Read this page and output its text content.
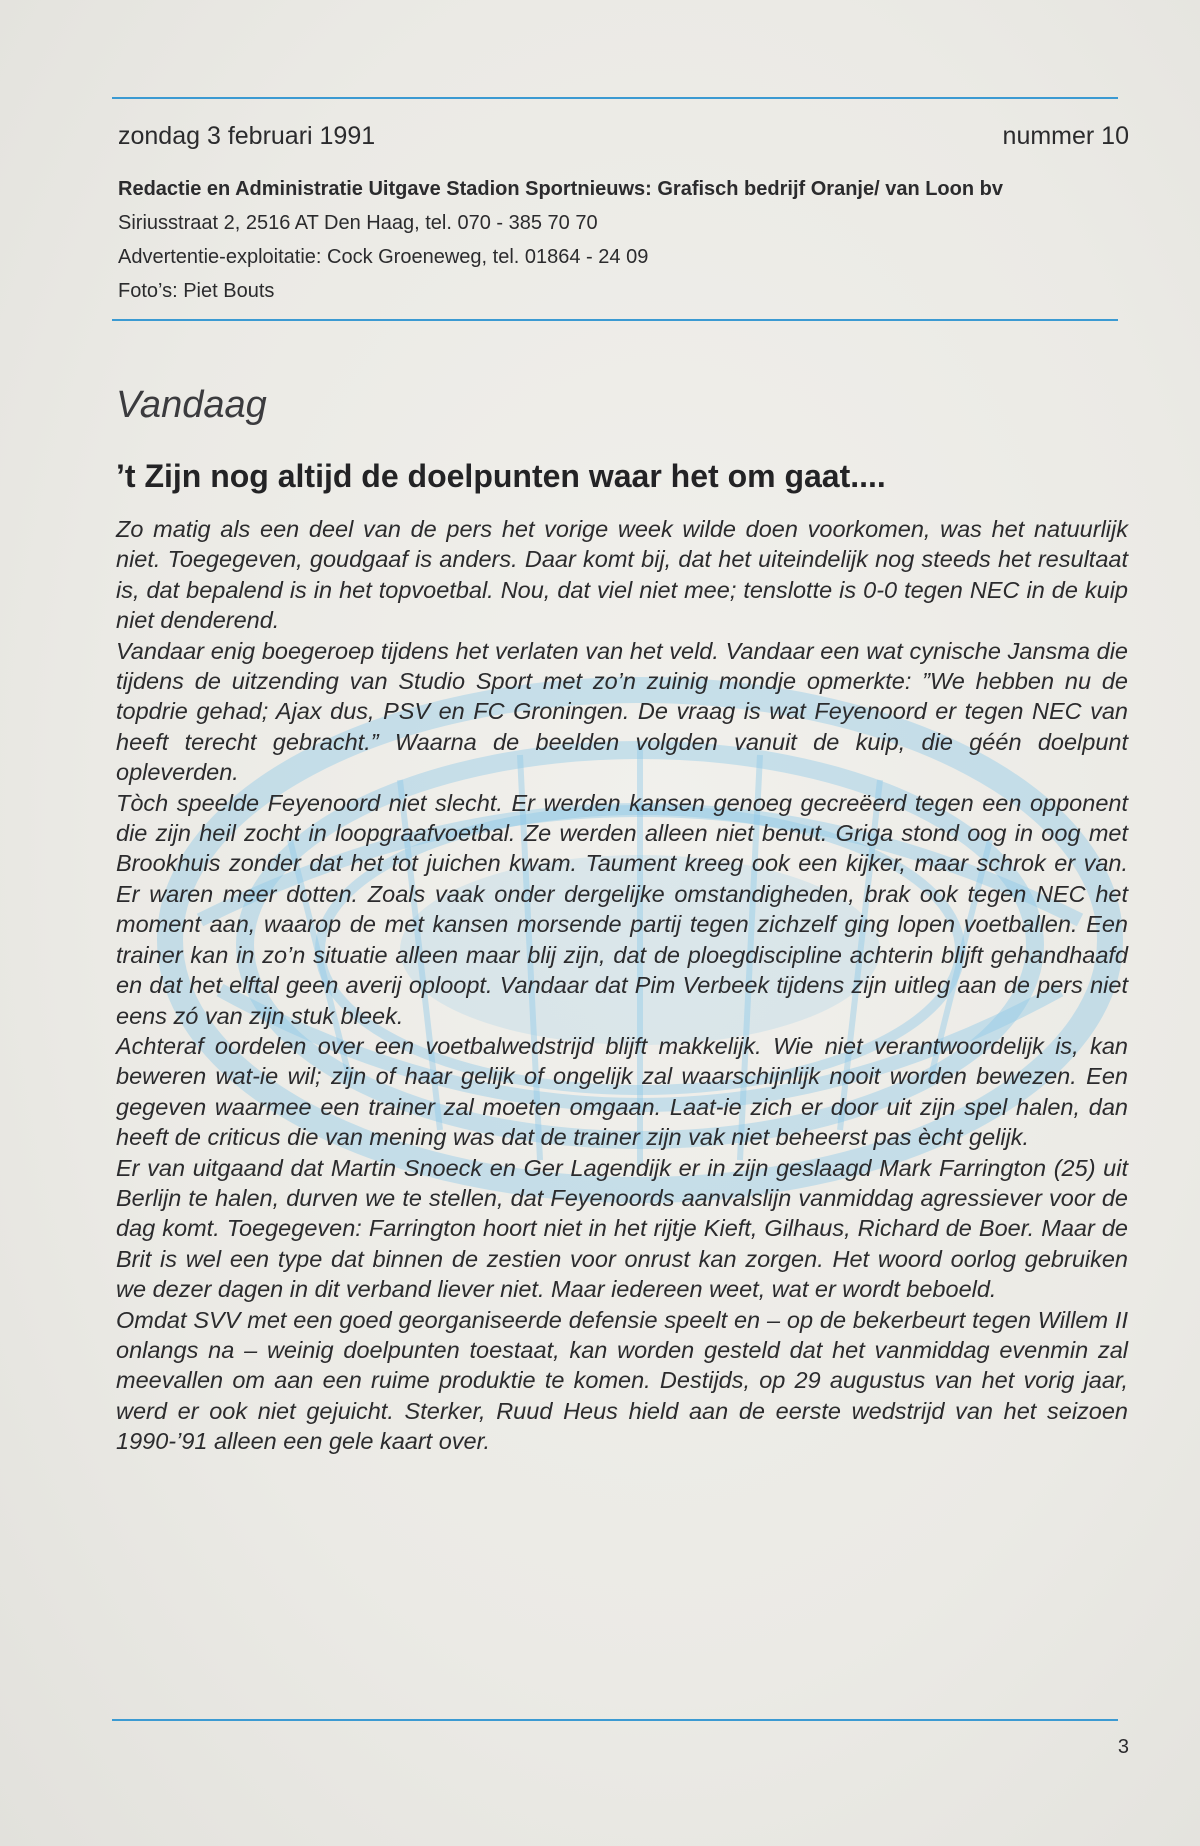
zondag 3 februari 1991	nummer 10
Redactie en Administratie Uitgave Stadion Sportnieuws: Grafisch bedrijf Oranje/ van Loon bv
Siriusstraat 2, 2516 AT Den Haag, tel. 070 - 385 70 70
Advertentie-exploitatie: Cock Groeneweg, tel. 01864 - 24 09
Foto’s: Piet Bouts
Vandaag
’t Zijn nog altijd de doelpunten waar het om gaat....

Zo matig als een deel van de pers het vorige week wilde doen voorkomen, was het natuurlijk niet. Toegegeven, goudgaaf is anders. Daar komt bij, dat het uiteindelijk nog steeds het resultaat is, dat bepalend is in het topvoetbal. Nou, dat viel niet mee; tenslotte is 0-0 tegen NEC in de kuip niet denderend.

Vandaar enig boegeroep tijdens het verlaten van het veld. Vandaar een wat cynische Jansma die tijdens de uitzending van Studio Sport met zo’n zuinig mondje opmerkte: ”We hebben nu de topdrie gehad; Ajax dus, PSV en FC Groningen. De vraag is wat Feyenoord er tegen NEC van heeft terecht gebracht.” Waarna de beelden volgden vanuit de kuip, die géén doelpunt opleverden.

Tòch speelde Feyenoord niet slecht. Er werden kansen genoeg gecreëerd tegen een opponent die zijn heil zocht in loopgraafvoetbal. Ze werden alleen niet benut. Griga stond oog in oog met Brookhuis zonder dat het tot juichen kwam. Taument kreeg ook een kijker, maar schrok er van. Er waren meer dotten. Zoals vaak onder dergelijke omstandigheden, brak ook tegen NEC het moment aan, waarop de met kansen morsende partij tegen zichzelf ging lopen voetballen. Een trainer kan in zo’n situatie alleen maar blij zijn, dat de ploegdiscipline achterin blijft gehandhaafd en dat het elftal geen averij oploopt. Vandaar dat Pim Verbeek tijdens zijn uitleg aan de pers niet eens zó van zijn stuk bleek.

Achteraf oordelen over een voetbalwedstrijd blijft makkelijk. Wie niet verantwoordelijk is, kan beweren wat-ie wil; zijn of haar gelijk of ongelijk zal waarschijnlijk nooit worden bewezen. Een gegeven waarmee een trainer zal moeten omgaan. Laat-ie zich er door uit zijn spel halen, dan heeft de criticus die van mening was dat de trainer zijn vak niet beheerst pas ècht gelijk.

Er van uitgaand dat Martin Snoeck en Ger Lagendijk er in zijn geslaagd Mark Farrington (25) uit Berlijn te halen, durven we te stellen, dat Feyenoords aanvalslijn vanmiddag agressiever voor de dag komt. Toegegeven: Farrington hoort niet in het rijtje Kieft, Gilhaus, Richard de Boer. Maar de Brit is wel een type dat binnen de zestien voor onrust kan zorgen. Het woord oorlog gebruiken we dezer dagen in dit verband liever niet. Maar iedereen weet, wat er wordt beboeld.

Omdat SVV met een goed georganiseerde defensie speelt en – op de bekerbeurt tegen Willem II onlangs na – weinig doelpunten toestaat, kan worden gesteld dat het vanmiddag evenmin zal meevallen om aan een ruime produktie te komen. Destijds, op 29 augustus van het vorig jaar, werd er ook niet gejuicht. Sterker, Ruud Heus hield aan de eerste wedstrijd van het seizoen 1990-’91 alleen een gele kaart over.

3
